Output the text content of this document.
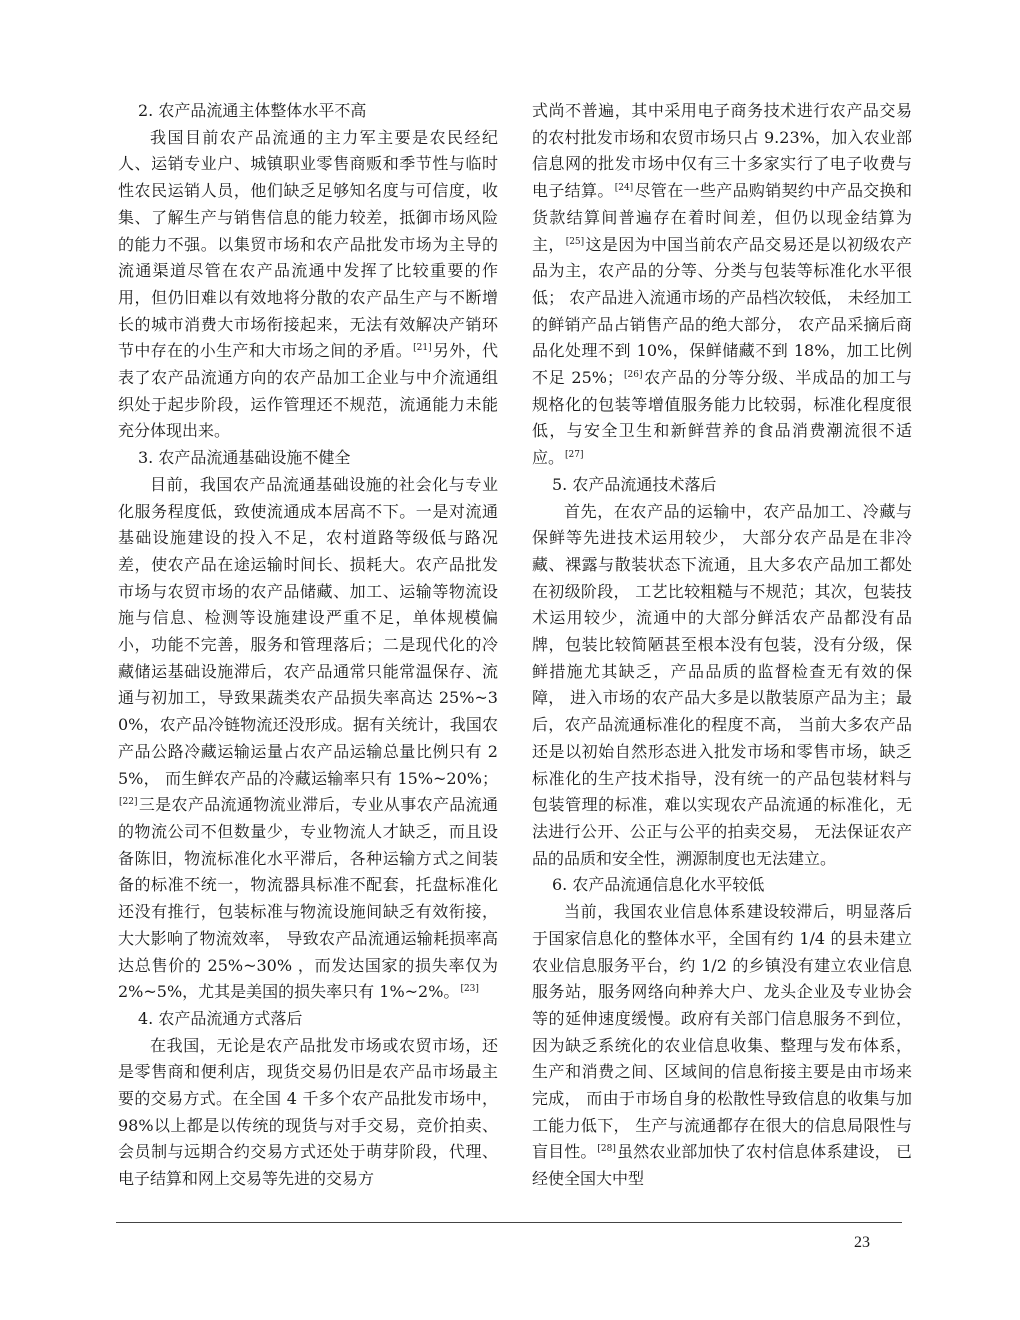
2. 农产品流通主体整体水平不高

我国目前农产品流通的主力军主要是农民经纪人、运销专业户、城镇职业零售商贩和季节性与临时性农民运销人员，他们缺乏足够知名度与可信度，收集、了解生产与销售信息的能力较差，抵御市场风险的能力不强。以集贸市场和农产品批发市场为主导的流通渠道尽管在农产品流通中发挥了比较重要的作用，但仍旧难以有效地将分散的农产品生产与不断增长的城市消费大市场衔接起来，无法有效解决产销环节中存在的小生产和大市场之间的矛盾。[21]另外，代表了农产品流通方向的农产品加工企业与中介流通组织处于起步阶段，运作管理还不规范，流通能力未能充分体现出来。

3. 农产品流通基础设施不健全

目前，我国农产品流通基础设施的社会化与专业化服务程度低，致使流通成本居高不下。一是对流通基础设施建设的投入不足，农村道路等级低与路况差，使农产品在途运输时间长、损耗大。农产品批发市场与农贸市场的农产品储藏、加工、运输等物流设施与信息、检测等设施建设严重不足，单体规模偏小，功能不完善，服务和管理落后；二是现代化的冷藏储运基础设施滞后，农产品通常只能常温保存、流通与初加工，导致果蔬类农产品损失率高达 25%~30%，农产品冷链物流还没形成。据有关统计，我国农产品公路冷藏运输运量占农产品运输总量比例只有 25%， 而生鲜农产品的冷藏运输率只有 15%~20%；[22]三是农产品流通物流业滞后，专业从事农产品流通的物流公司不但数量少，专业物流人才缺乏，而且设备陈旧，物流标准化水平滞后，各种运输方式之间装备的标准不统一，物流器具标准不配套，托盘标准化还没有推行，包装标准与物流设施间缺乏有效衔接， 大大影响了物流效率， 导致农产品流通运输耗损率高达总售价的 25%~30% ，而发达国家的损失率仅为 2%~5%，尤其是美国的损失率只有 1%~2%。[23]

4. 农产品流通方式落后

在我国，无论是农产品批发市场或农贸市场，还是零售商和便利店，现货交易仍旧是农产品市场最主要的交易方式。在全国 4 千多个农产品批发市场中，98%以上都是以传统的现货与对手交易，竞价拍卖、会员制与远期合约交易方式还处于萌芽阶段，代理、电子结算和网上交易等先进的交易方

式尚不普遍，其中采用电子商务技术进行农产品交易的农村批发市场和农贸市场只占 9.23%，加入农业部信息网的批发市场中仅有三十多家实行了电子收费与电子结算。[24]尽管在一些产品购销契约中产品交换和货款结算间普遍存在着时间差，但仍以现金结算为主，[25]这是因为中国当前农产品交易还是以初级农产品为主，农产品的分等、分类与包装等标准化水平很低； 农产品进入流通市场的产品档次较低， 未经加工的鲜销产品占销售产品的绝大部分， 农产品采摘后商品化处理不到 10%，保鲜储藏不到 18%，加工比例不足 25%；[26]农产品的分等分级、半成品的加工与规格化的包装等增值服务能力比较弱，标准化程度很低，与安全卫生和新鲜营养的食品消费潮流很不适应。[27]

5. 农产品流通技术落后

首先，在农产品的运输中，农产品加工、冷藏与保鲜等先进技术运用较少， 大部分农产品是在非冷藏、裸露与散装状态下流通，且大多农产品加工都处在初级阶段， 工艺比较粗糙与不规范；其次，包装技术运用较少，流通中的大部分鲜活农产品都没有品牌，包装比较简陋甚至根本没有包装，没有分级，保鲜措施尤其缺乏，产品品质的监督检查无有效的保障， 进入市场的农产品大多是以散装原产品为主；最后，农产品流通标准化的程度不高， 当前大多农产品还是以初始自然形态进入批发市场和零售市场，缺乏标准化的生产技术指导，没有统一的产品包装材料与包装管理的标准，难以实现农产品流通的标准化，无法进行公开、公正与公平的拍卖交易， 无法保证农产品的品质和安全性，溯源制度也无法建立。

6. 农产品流通信息化水平较低

当前，我国农业信息体系建设较滞后，明显落后于国家信息化的整体水平，全国有约 1/4 的县未建立农业信息服务平台，约 1/2 的乡镇没有建立农业信息服务站，服务网络向种养大户、龙头企业及专业协会等的延伸速度缓慢。政府有关部门信息服务不到位，因为缺乏系统化的农业信息收集、整理与发布体系，生产和消费之间、区域间的信息衔接主要是由市场来完成， 而由于市场自身的松散性导致信息的收集与加工能力低下， 生产与流通都存在很大的信息局限性与盲目性。[28]虽然农业部加快了农村信息体系建设， 已经使全国大中型

23
